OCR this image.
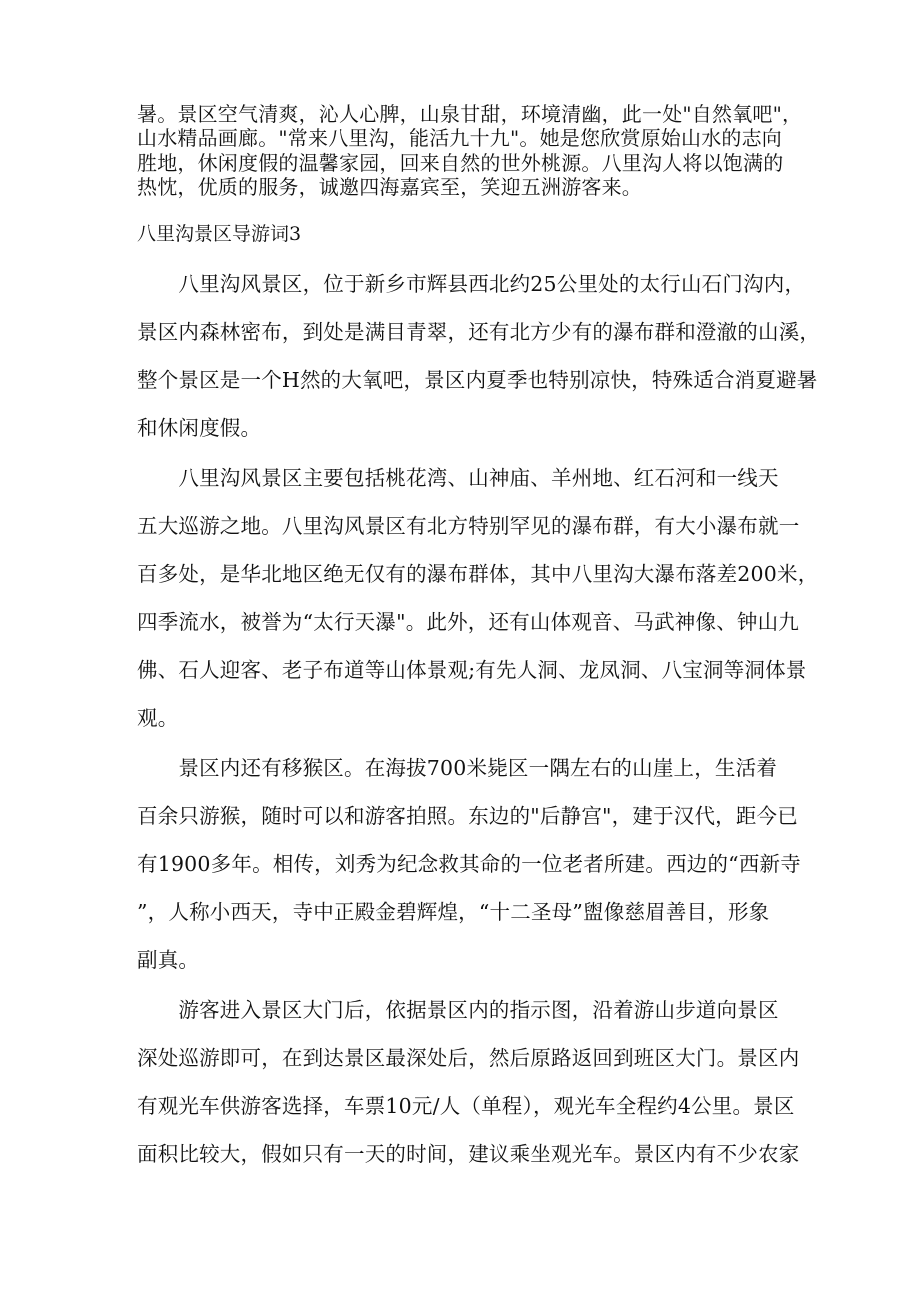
暑。景区空气清爽，沁人心脾，山泉甘甜，环境清幽，此一处"自然氧吧"，
山水精品画廊。"常来八里沟，能活九十九"。她是您欣赏原始山水的志向
胜地，休闲度假的温馨家园，回来自然的世外桃源。八里沟人将以饱满的
热忱，优质的服务，诚邀四海嘉宾至，笑迎五洲游客来。
八里沟景区导游词3
　　八里沟风景区，位于新乡市辉县西北约25公里处的太行山石门沟内，
景区内森林密布，到处是满目青翠，还有北方少有的瀑布群和澄澈的山溪，
整个景区是一个H然的大氧吧，景区内夏季也特别凉快，特殊适合消夏避暑
和休闲度假。
　　八里沟风景区主要包括桃花湾、山神庙、羊州地、红石河和一线天
五大巡游之地。八里沟风景区有北方特别罕见的瀑布群，有大小瀑布就一
百多处，是华北地区绝无仅有的瀑布群体，其中八里沟大瀑布落差200米，
四季流水，被誉为“太行天瀑"。此外，还有山体观音、马武神像、钟山九
佛、石人迎客、老子布道等山体景观;有先人洞、龙凤洞、八宝洞等洞体景
观。
　　景区内还有移猴区。在海拔700米毙区一隅左右的山崖上，生活着
百余只游猴，随时可以和游客拍照。东边的"后静宫"，建于汉代，距今已
有1900多年。相传，刘秀为纪念救其命的一位老者所建。西边的“西新寺
”，人称小西天，寺中正殿金碧辉煌，“十二圣母”盥像慈眉善目，形象
副真。
　　游客进入景区大门后，依据景区内的指示图，沿着游山步道向景区
深处巡游即可，在到达景区最深处后，然后原路返回到班区大门。景区内
有观光车供游客选择，车票10元/人（单程），观光车全程约4公里。景区
面积比较大，假如只有一天的时间，建议乘坐观光车。景区内有不少农家
